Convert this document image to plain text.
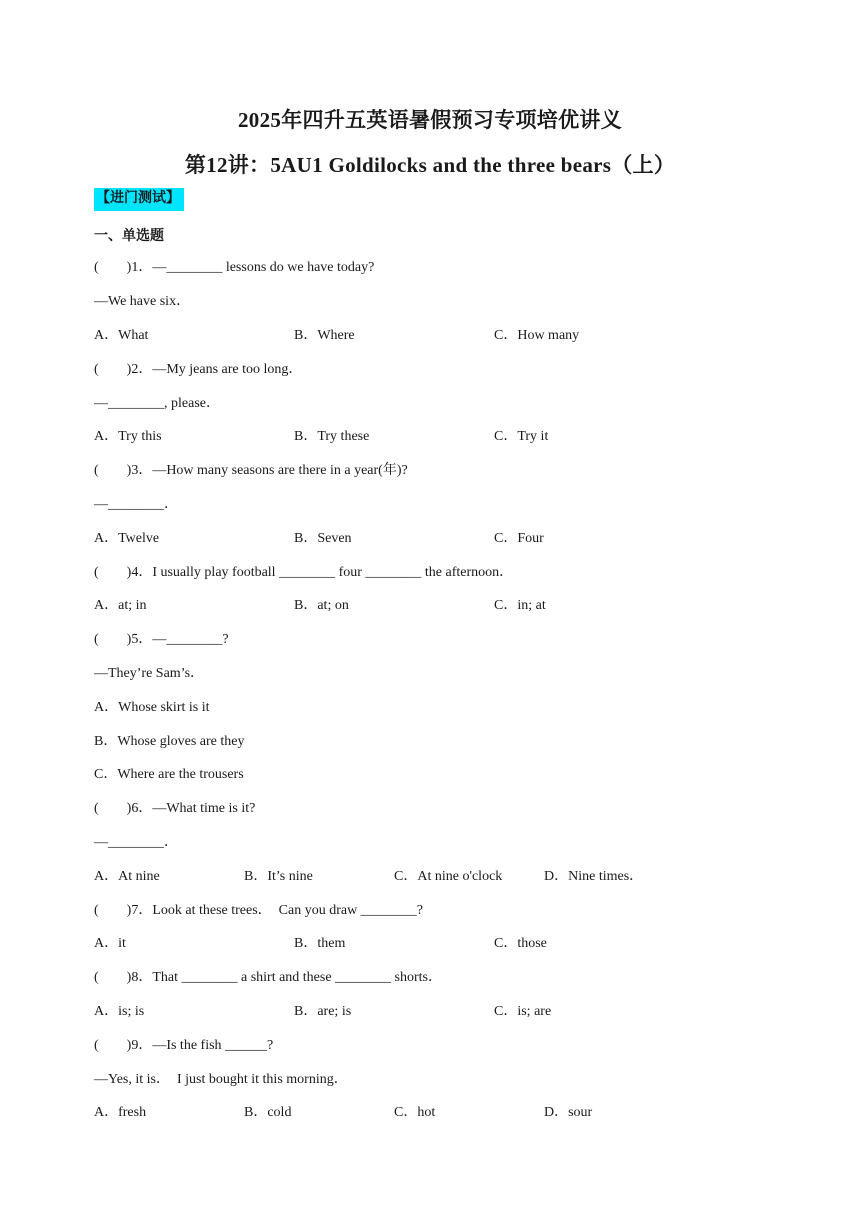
2025年四升五英语暑假预习专项培优讲义
第12讲：5AU1 Goldilocks and the three bears（上）
【进门测试】
一、单选题
(        )1．—________ lessons do we have today?
—We have six．
A．What	B．Where	C．How many
(        )2．—My jeans are too long．
—________, please．
A．Try this	B．Try these	C．Try it
(        )3．—How many seasons are there in a year(年)?
—________．
A．Twelve	B．Seven	C．Four
(        )4．I usually play football ________ four ________ the afternoon．
A．at; in	B．at; on	C．in; at
(        )5．—________?
—They’re Sam’s．
A．Whose skirt is it
B．Whose gloves are they
C．Where are the trousers
(        )6．—What time is it?
—________．
A．At nine	B．It’s nine	C．At nine o'clock	D．Nine times．
(        )7．Look at these trees．  Can you draw ________?
A．it	B．them	C．those
(        )8．That ________ a shirt and these ________ shorts．
A．is; is	B．are; is	C．is; are
(        )9．—Is the fish ______?
—Yes, it is．  I just bought it this morning．
A．fresh	B．cold	C．hot	D．sour
